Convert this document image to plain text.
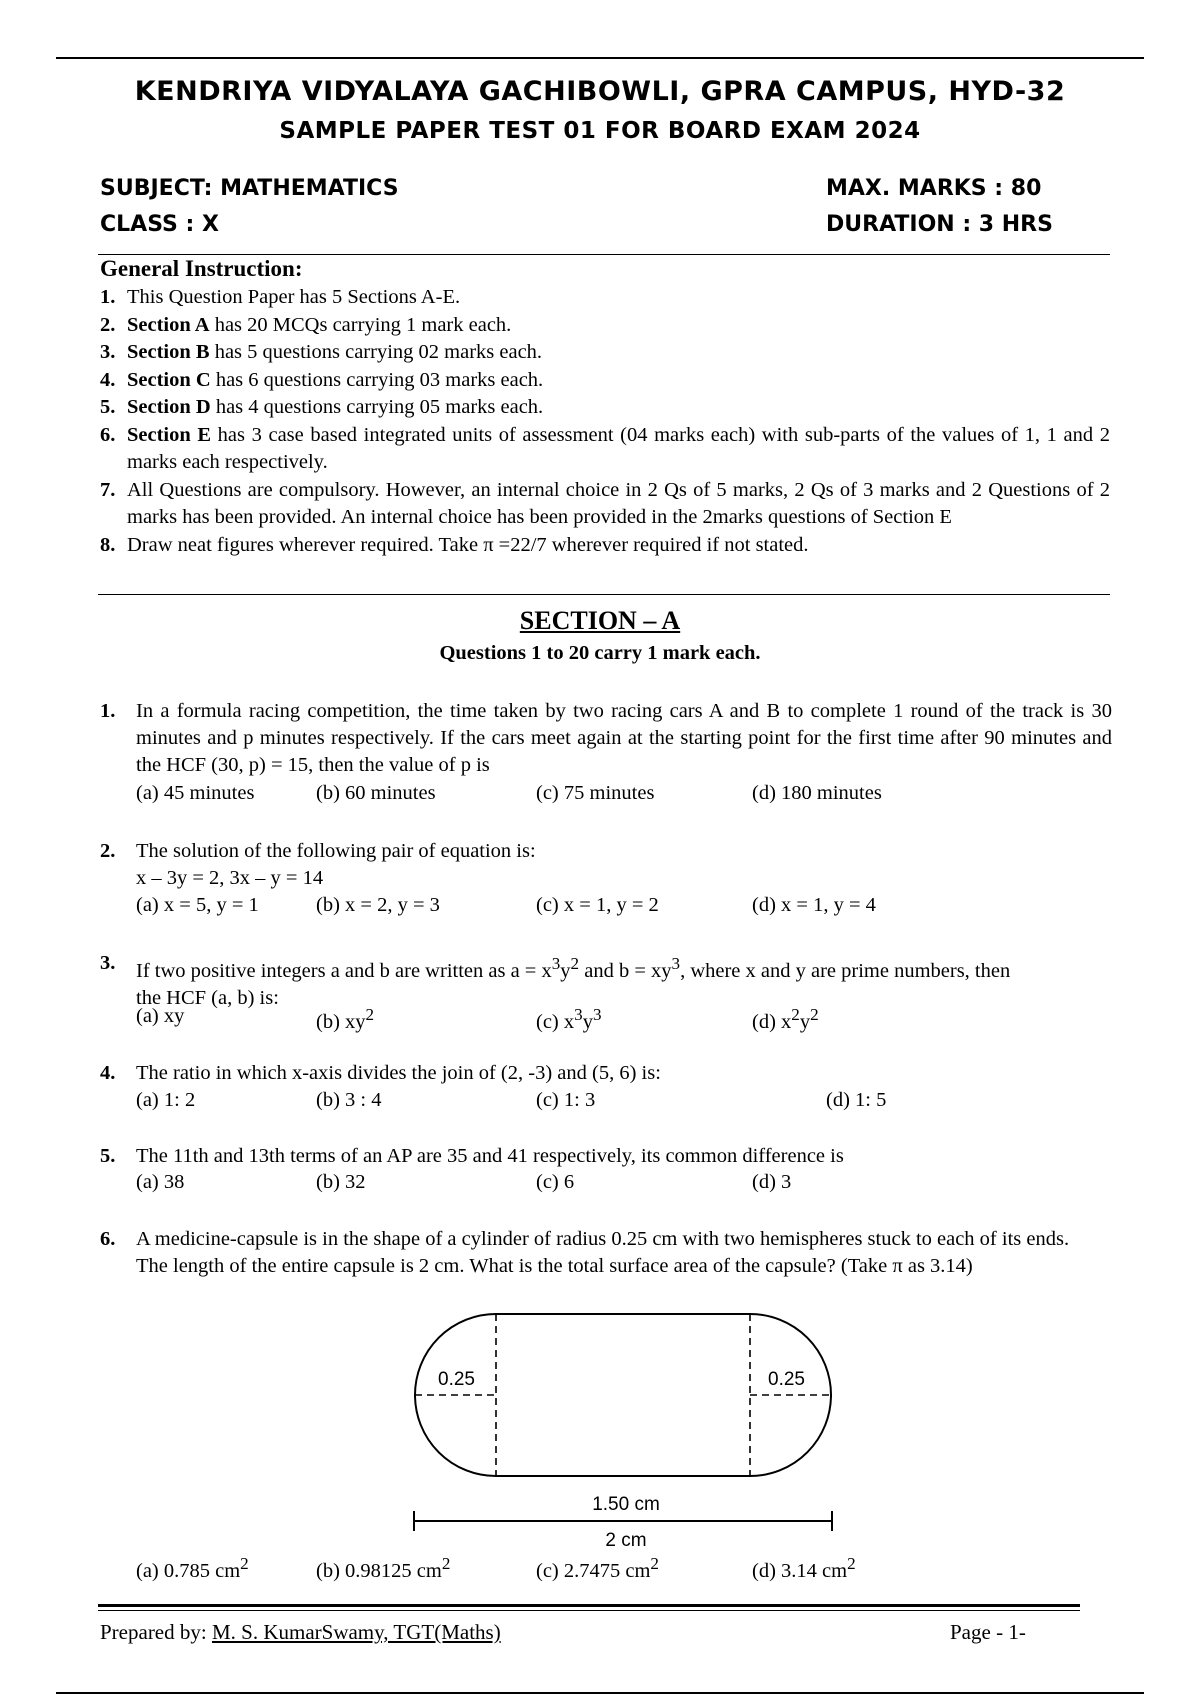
KENDRIYA VIDYALAYA GACHIBOWLI, GPRA CAMPUS, HYD-32
SAMPLE PAPER TEST 01 FOR BOARD EXAM 2024
SUBJECT: MATHEMATICS	MAX. MARKS : 80
CLASS : X	DURATION : 3 HRS
General Instruction:
1. This Question Paper has 5 Sections A-E.
2. Section A has 20 MCQs carrying 1 mark each.
3. Section B has 5 questions carrying 02 marks each.
4. Section C has 6 questions carrying 03 marks each.
5. Section D has 4 questions carrying 05 marks each.
6. Section E has 3 case based integrated units of assessment (04 marks each) with sub-parts of the values of 1, 1 and 2 marks each respectively.
7. All Questions are compulsory. However, an internal choice in 2 Qs of 5 marks, 2 Qs of 3 marks and 2 Questions of 2 marks has been provided. An internal choice has been provided in the 2marks questions of Section E
8. Draw neat figures wherever required. Take π =22/7 wherever required if not stated.
SECTION – A
Questions 1 to 20 carry 1 mark each.
1. In a formula racing competition, the time taken by two racing cars A and B to complete 1 round of the track is 30 minutes and p minutes respectively. If the cars meet again at the starting point for the first time after 90 minutes and the HCF (30, p) = 15, then the value of p is
(a) 45 minutes	(b) 60 minutes	(c) 75 minutes	(d) 180 minutes
2. The solution of the following pair of equation is:
x – 3y = 2, 3x – y = 14
(a) x = 5, y = 1	(b) x = 2, y = 3	(c) x = 1, y = 2	(d) x = 1, y = 4
3. If two positive integers a and b are written as $a = x^3y^2$ and $b = xy^3$, where x and y are prime numbers, then the HCF (a, b) is:
(a) xy	(b) $xy^2$	(c) $x^3y^3$	(d) $x^2y^2$
4. The ratio in which x-axis divides the join of (2, -3) and (5, 6) is:
(a) 1: 2	(b) 3 : 4	(c) 1: 3	(d) 1: 5
5. The 11th and 13th terms of an AP are 35 and 41 respectively, its common difference is
(a) 38	(b) 32	(c) 6	(d) 3
6. A medicine-capsule is in the shape of a cylinder of radius 0.25 cm with two hemispheres stuck to each of its ends. The length of the entire capsule is 2 cm. What is the total surface area of the capsule? (Take π as 3.14)
0.25	0.25
1.50 cm
2 cm
(a) 0.785 $cm^2$	(b) 0.98125 $cm^2$	(c) 2.7475 $cm^2$	(d) 3.14 $cm^2$
Prepared by: M. S. KumarSwamy, TGT(Maths)	Page - 1-
